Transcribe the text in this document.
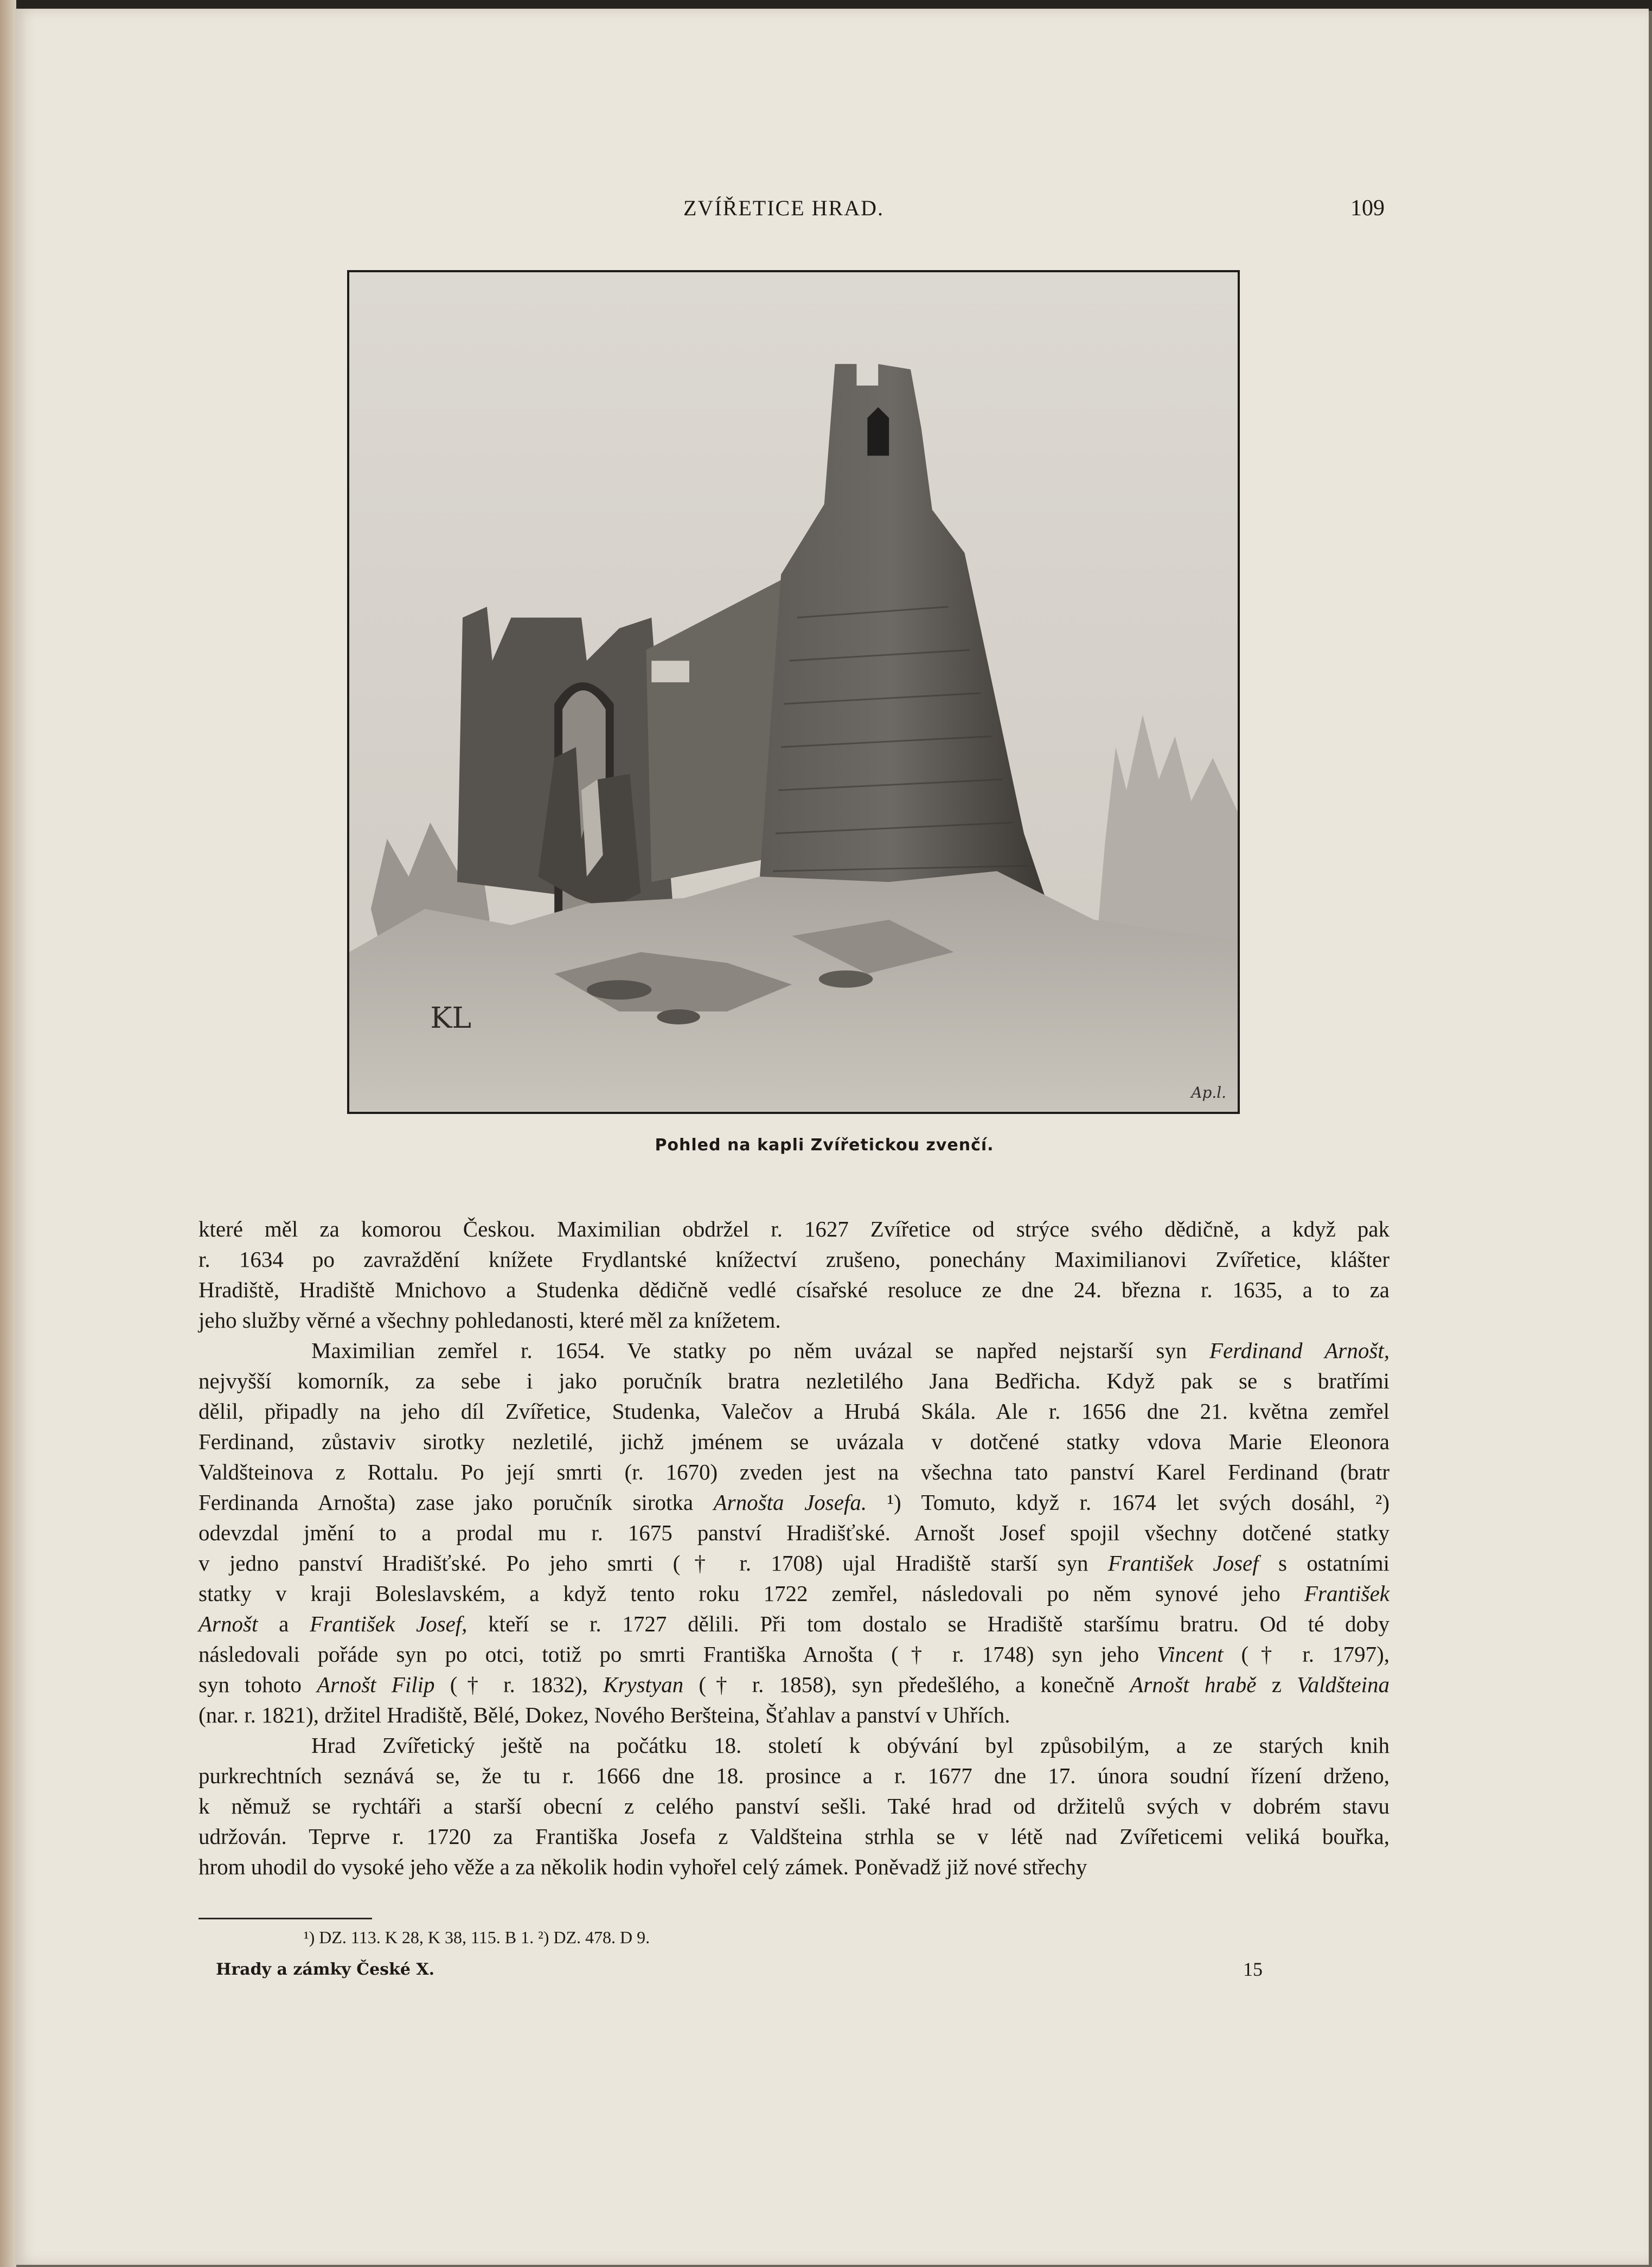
ZVÍŘETICE HRAD.	109
KL
Ap.l.
Pohled na kapli Zvířetickou zvenčí.

které měl za komorou Českou. Maximilian obdržel r. 1627 Zvířetice od strýce svého dědičně, a když pak

r. 1634 po zavraždění knížete Frydlantské knížectví zrušeno, ponechány Maximilianovi Zvířetice, klášter

Hradiště, Hradiště Mnichovo a Studenka dědičně vedlé císařské resoluce ze dne 24. března r. 1635, a to za

jeho služby věrné a všechny pohledanosti, které měl za knížetem.

Maximilian zemřel r. 1654. Ve statky po něm uvázal se napřed nejstarší syn Ferdinand Arnošt,

nejvyšší komorník, za sebe i jako poručník bratra nezletilého Jana Bedřicha. Když pak se s bratřími

dělil, připadly na jeho díl Zvířetice, Studenka, Valečov a Hrubá Skála. Ale r. 1656 dne 21. května zemřel

Ferdinand, zůstaviv sirotky nezletilé, jichž jménem se uvázala v dotčené statky vdova Marie Eleonora

Valdšteinova z Rottalu. Po její smrti (r. 1670) zveden jest na všechna tato panství Karel Ferdinand (bratr

Ferdinanda Arnošta) zase jako poručník sirotka Arnošta Josefa. ¹) Tomuto, když r. 1674 let svých dosáhl, ²)

odevzdal jmění to a prodal mu r. 1675 panství Hradišťské. Arnošt Josef spojil všechny dotčené statky

v jedno panství Hradišťské. Po jeho smrti († r. 1708) ujal Hradiště starší syn František Josef s ostatními

statky v kraji Boleslavském, a když tento roku 1722 zemřel, následovali po něm synové jeho František

Arnošt a František Josef, kteří se r. 1727 dělili. Při tom dostalo se Hradiště staršímu bratru. Od té doby

následovali pořáde syn po otci, totiž po smrti Františka Arnošta († r. 1748) syn jeho Vincent († r. 1797),

syn tohoto Arnošt Filip († r. 1832), Krystyan († r. 1858), syn předešlého, a konečně Arnošt hrabě z Valdšteina

(nar. r. 1821), držitel Hradiště, Bělé, Dokez, Nového Beršteina, Šťahlav a panství v Uhřích.

Hrad Zvířetický ještě na počátku 18. století k obývání byl způsobilým, a ze starých knih

purkrechtních seznává se, že tu r. 1666 dne 18. prosince a r. 1677 dne 17. února soudní řízení drženo,

k němuž se rychtáři a starší obecní z celého panství sešli. Také hrad od držitelů svých v dobrém stavu

udržován. Teprve r. 1720 za Františka Josefa z Valdšteina strhla se v létě nad Zvířeticemi veliká bouřka,

hrom uhodil do vysoké jeho věže a za několik hodin vyhořel celý zámek. Poněvadž již nové střechy

¹) DZ. 113. K 28, K 38, 115. B 1. ²) DZ. 478. D 9.
Hrady a zámky České X.	15
